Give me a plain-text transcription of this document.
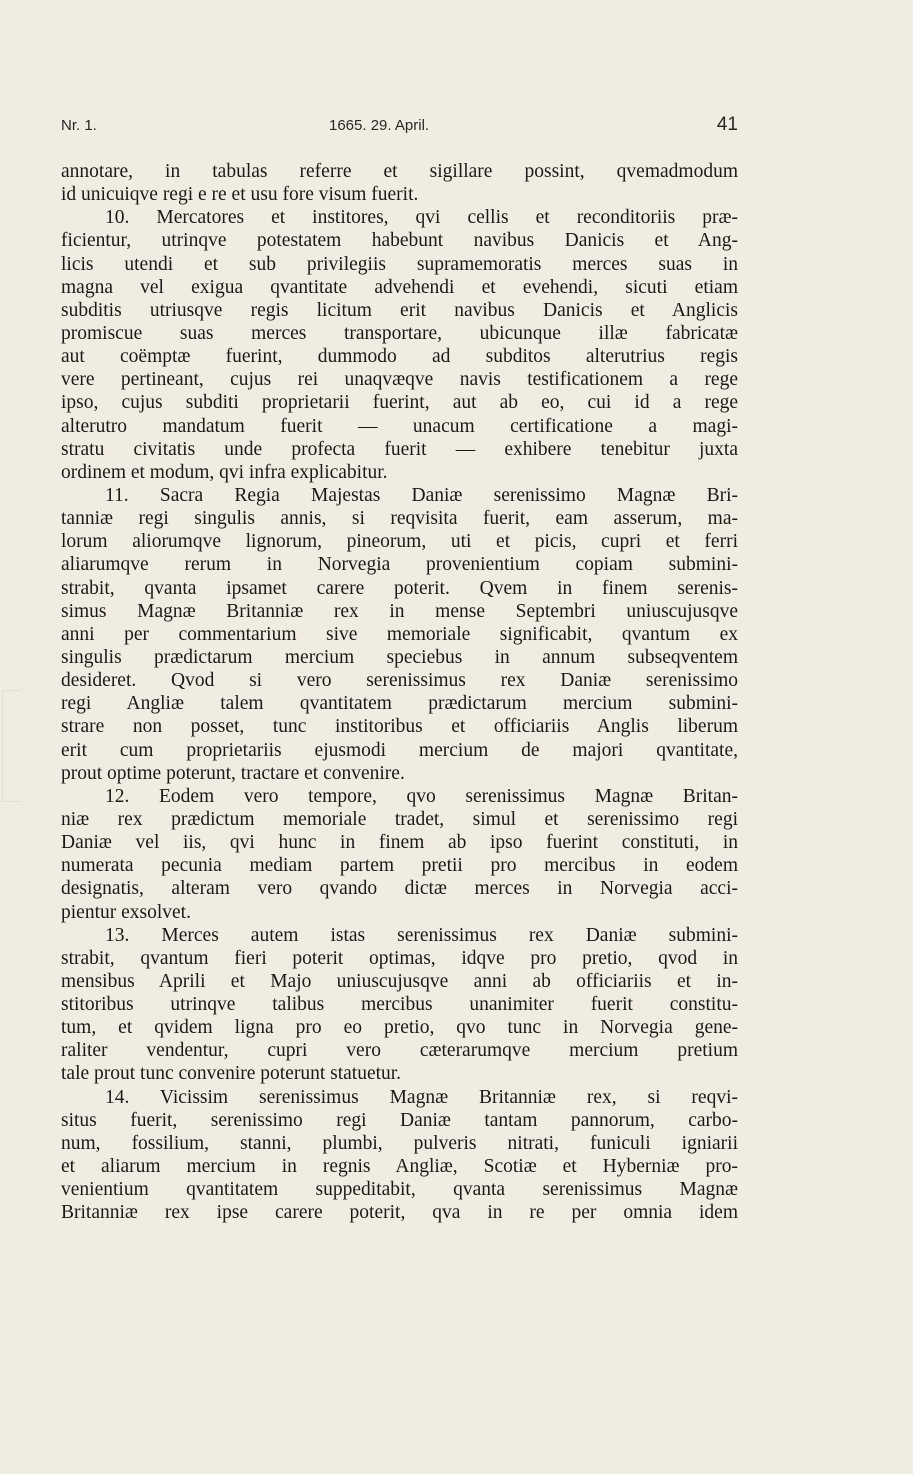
Nr. 1.	1665. 29. April.	41
annotare, in tabulas referre et sigillare possint, qvemadmodum
id unicuiqve regi e re et usu fore visum fuerit.
10. Mercatores et institores, qvi cellis et reconditoriis præ-
ficientur, utrinqve potestatem habebunt navibus Danicis et Ang-
licis utendi et sub privilegiis supramemoratis merces suas in
magna vel exigua qvantitate advehendi et evehendi, sicuti etiam
subditis utriusqve regis licitum erit navibus Danicis et Anglicis
promiscue suas merces transportare, ubicunque illæ fabricatæ
aut coëmptæ fuerint, dummodo ad subditos alterutrius regis
vere pertineant, cujus rei unaqvæqve navis testificationem a rege
ipso, cujus subditi proprietarii fuerint, aut ab eo, cui id a rege
alterutro mandatum fuerit — unacum certificatione a magi-
stratu civitatis unde profecta fuerit — exhibere tenebitur juxta
ordinem et modum, qvi infra explicabitur.
11. Sacra Regia Majestas Daniæ serenissimo Magnæ Bri-
tanniæ regi singulis annis, si reqvisita fuerit, eam asserum, ma-
lorum aliorumqve lignorum, pineorum, uti et picis, cupri et ferri
aliarumqve rerum in Norvegia provenientium copiam submini-
strabit, qvanta ipsamet carere poterit. Qvem in finem serenis-
simus Magnæ Britanniæ rex in mense Septembri uniuscujusqve
anni per commentarium sive memoriale significabit, qvantum ex
singulis prædictarum mercium speciebus in annum subseqventem
desideret. Qvod si vero serenissimus rex Daniæ serenissimo
regi Angliæ talem qvantitatem prædictarum mercium submini-
strare non posset, tunc institoribus et officiariis Anglis liberum
erit cum proprietariis ejusmodi mercium de majori qvantitate,
prout optime poterunt, tractare et convenire.
12. Eodem vero tempore, qvo serenissimus Magnæ Britan-
niæ rex prædictum memoriale tradet, simul et serenissimo regi
Daniæ vel iis, qvi hunc in finem ab ipso fuerint constituti, in
numerata pecunia mediam partem pretii pro mercibus in eodem
designatis, alteram vero qvando dictæ merces in Norvegia acci-
pientur exsolvet.
13. Merces autem istas serenissimus rex Daniæ submini-
strabit, qvantum fieri poterit optimas, idqve pro pretio, qvod in
mensibus Aprili et Majo uniuscujusqve anni ab officiariis et in-
stitoribus utrinqve talibus mercibus unanimiter fuerit constitu-
tum, et qvidem ligna pro eo pretio, qvo tunc in Norvegia gene-
raliter vendentur, cupri vero cæterarumqve mercium pretium
tale prout tunc convenire poterunt statuetur.
14. Vicissim serenissimus Magnæ Britanniæ rex, si reqvi-
situs fuerit, serenissimo regi Daniæ tantam pannorum, carbo-
num, fossilium, stanni, plumbi, pulveris nitrati, funiculi igniarii
et aliarum mercium in regnis Angliæ, Scotiæ et Hyberniæ pro-
venientium qvantitatem suppeditabit, qvanta serenissimus Magnæ
Britanniæ rex ipse carere poterit, qva in re per omnia idem
